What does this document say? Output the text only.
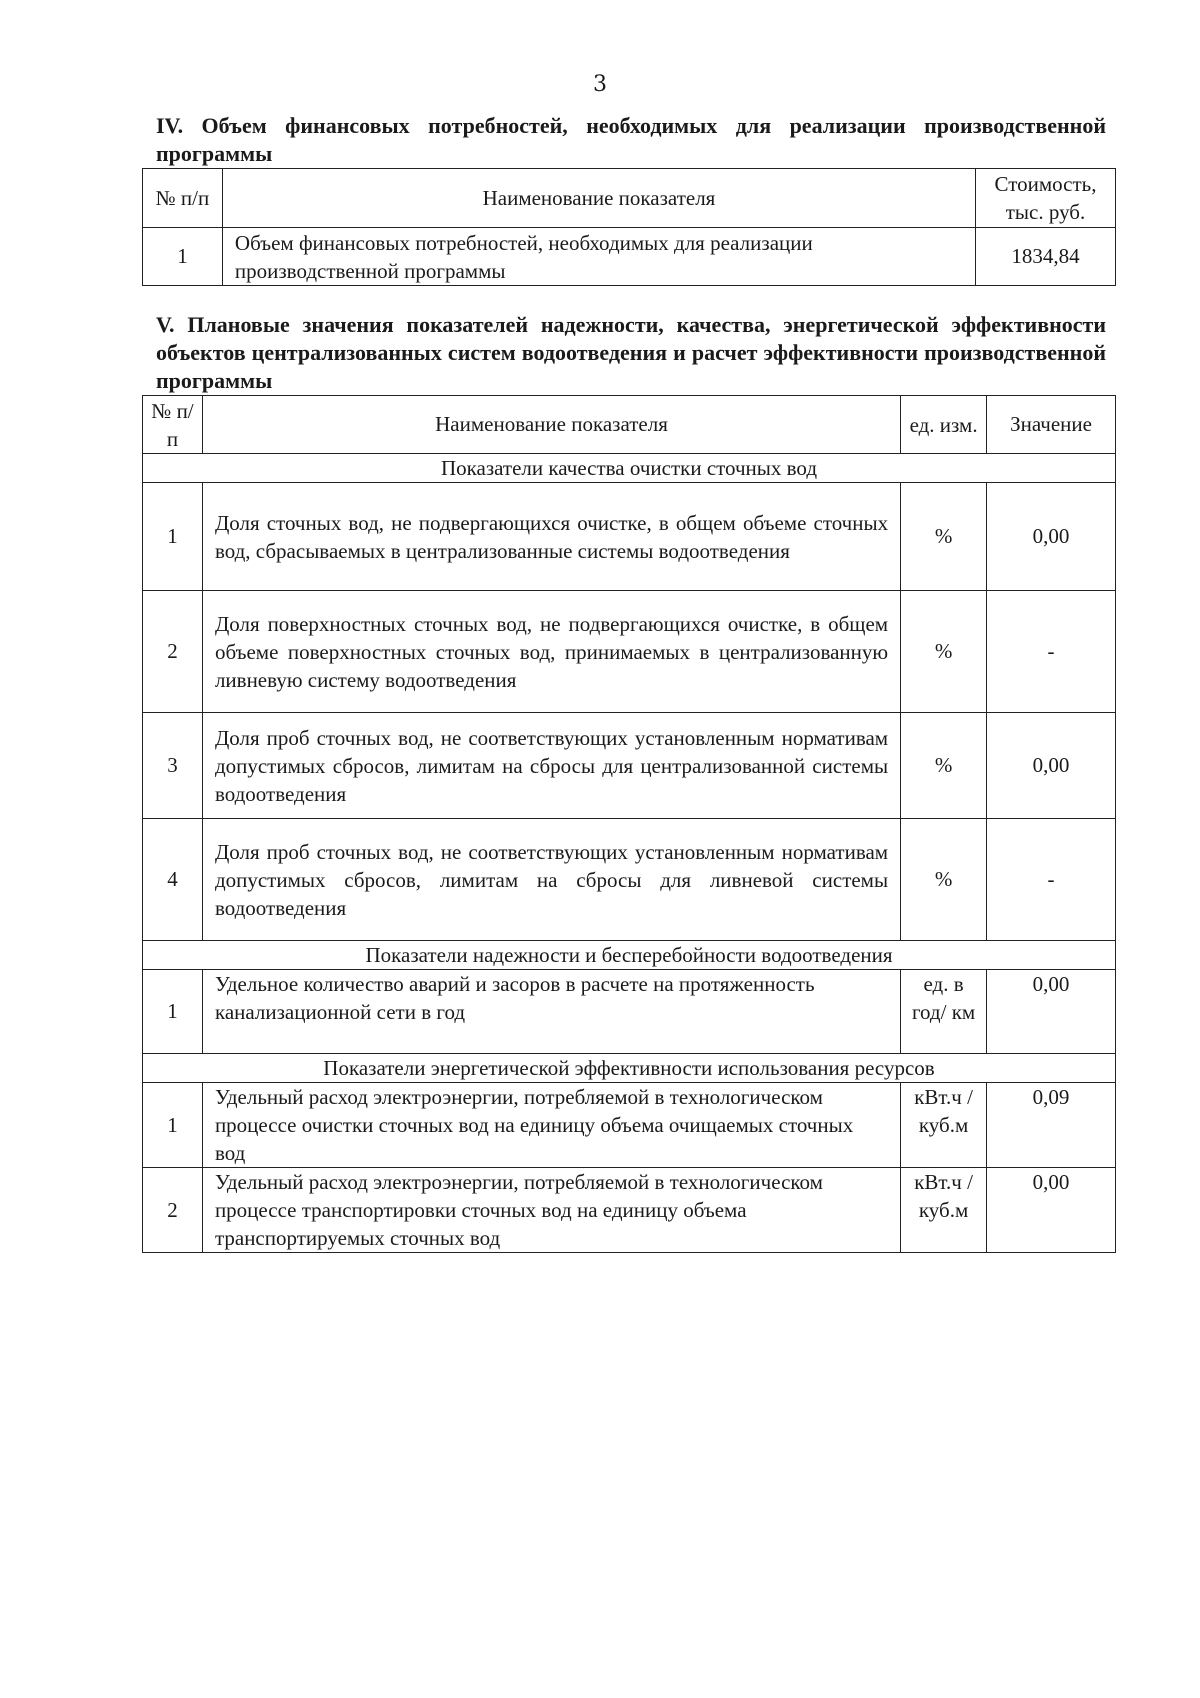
3
IV. Объем финансовых потребностей, необходимых для реализации производственной программы
№ п/п	Наименование показателя	Стоимость, тыс. руб.
1	Объем финансовых потребностей, необходимых для реализации производственной программы	1834,84
V. Плановые значения показателей надежности, качества, энергетической эффективности объектов централизованных систем водоотведения и расчет эффективности производственной программы
№ п/п	Наименование показателя	ед. изм.	Значение
Показатели качества очистки сточных вод			
1	Доля сточных вод, не подвергающихся очистке, в общем объеме сточных вод, сбрасываемых в централизованные системы водоотведения	%	0,00
2	Доля поверхностных сточных вод, не подвергающихся очистке, в общем объеме поверхностных сточных вод, принимаемых в централизованную ливневую систему водоотведения	%	-
3	Доля проб сточных вод, не соответствующих установленным нормативам допустимых сбросов, лимитам на сбросы для централизованной системы водоотведения	%	0,00
4	Доля проб сточных вод, не соответствующих установленным нормативам допустимых сбросов, лимитам на сбросы для ливневой системы водоотведения	%	-
Показатели надежности и бесперебойности водоотведения			
1	Удельное количество аварий и засоров в расчете на протяженность канализационной сети в год	ед. в год/ км	0,00
Показатели энергетической эффективности использования ресурсов			
1	Удельный расход электроэнергии, потребляемой в технологическом процессе очистки сточных вод на единицу объема очищаемых сточных вод	кВт.ч / куб.м	0,09
2	Удельный расход электроэнергии, потребляемой в технологическом процессе транспортировки сточных вод на единицу объема транспортируемых сточных вод	кВт.ч / куб.м	0,00
